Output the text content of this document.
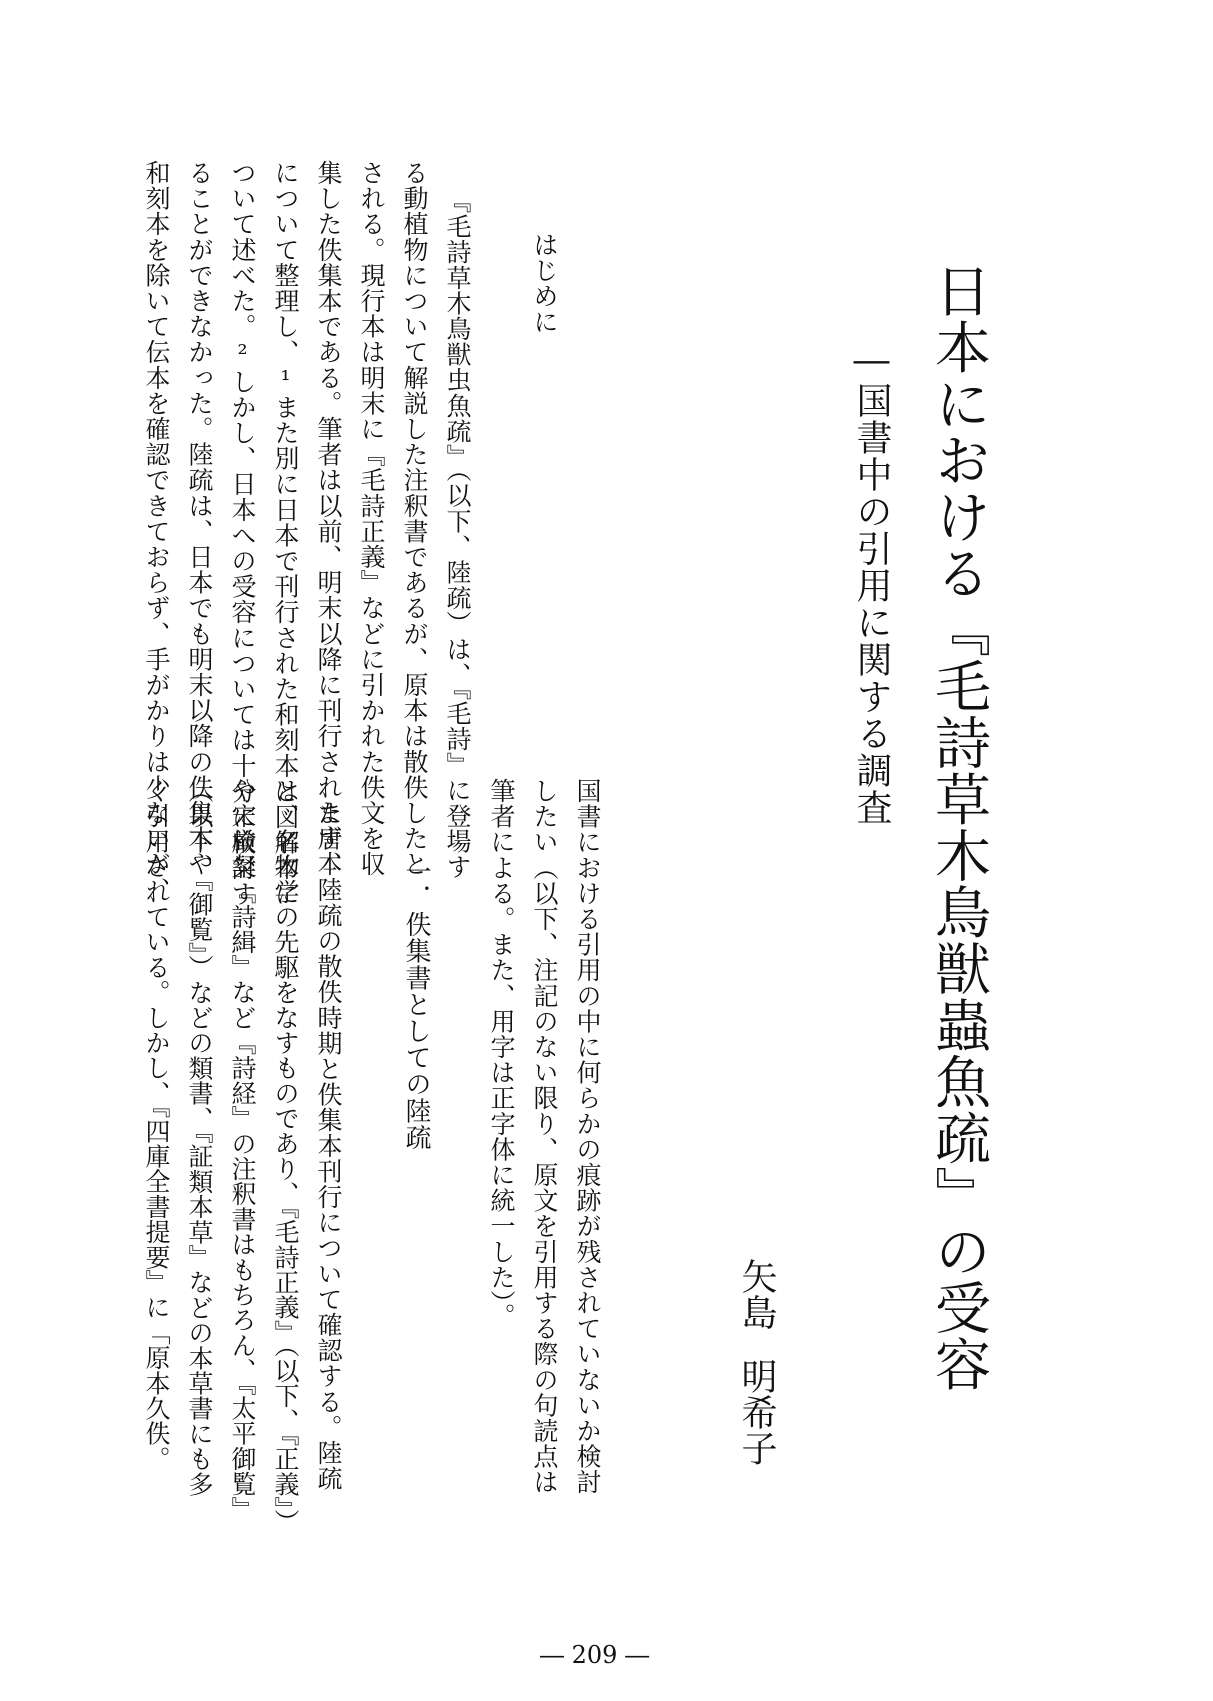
日本における『毛詩草木鳥獣蟲魚疏』の受容
―国書中の引用に関する調査
矢島明希子
はじめに
『毛詩草木鳥獣虫魚疏』（以下、陸疏）は、『毛詩』に登場す
る動植物について解説した注釈書であるが、原本は散佚したと
される。現行本は明末に『毛詩正義』などに引かれた佚文を収
集した佚集本である。筆者は以前、明末以降に刊行された唐本
について整理し、¹また別に日本で刊行された和刻本と図解本に
ついて述べた。²しかし、日本への受容については十分に検討す
ることができなかった。陸疏は、日本でも明末以降の佚集本や
和刻本を除いて伝本を確認できておらず、手がかりは少ないが、
国書における引用の中に何らかの痕跡が残されていないか検討
したい（以下、注記のない限り、原文を引用する際の句読点は
筆者による。また、用字は正字体に統一した）。
一．佚集書としての陸疏
まず、陸疏の散佚時期と佚集本刊行について確認する。陸疏
は、名物学の先駆をなすものであり、『毛詩正義』（以下、『正義』）
や宋厳粲『詩緝』など『詩経』の注釈書はもちろん、『太平御覧』
（以下、『御覧』）などの類書、『証類本草』などの本草書にも多
く引用されている。しかし、『四庫全書提要』に「原本久佚。
― 209 ―
